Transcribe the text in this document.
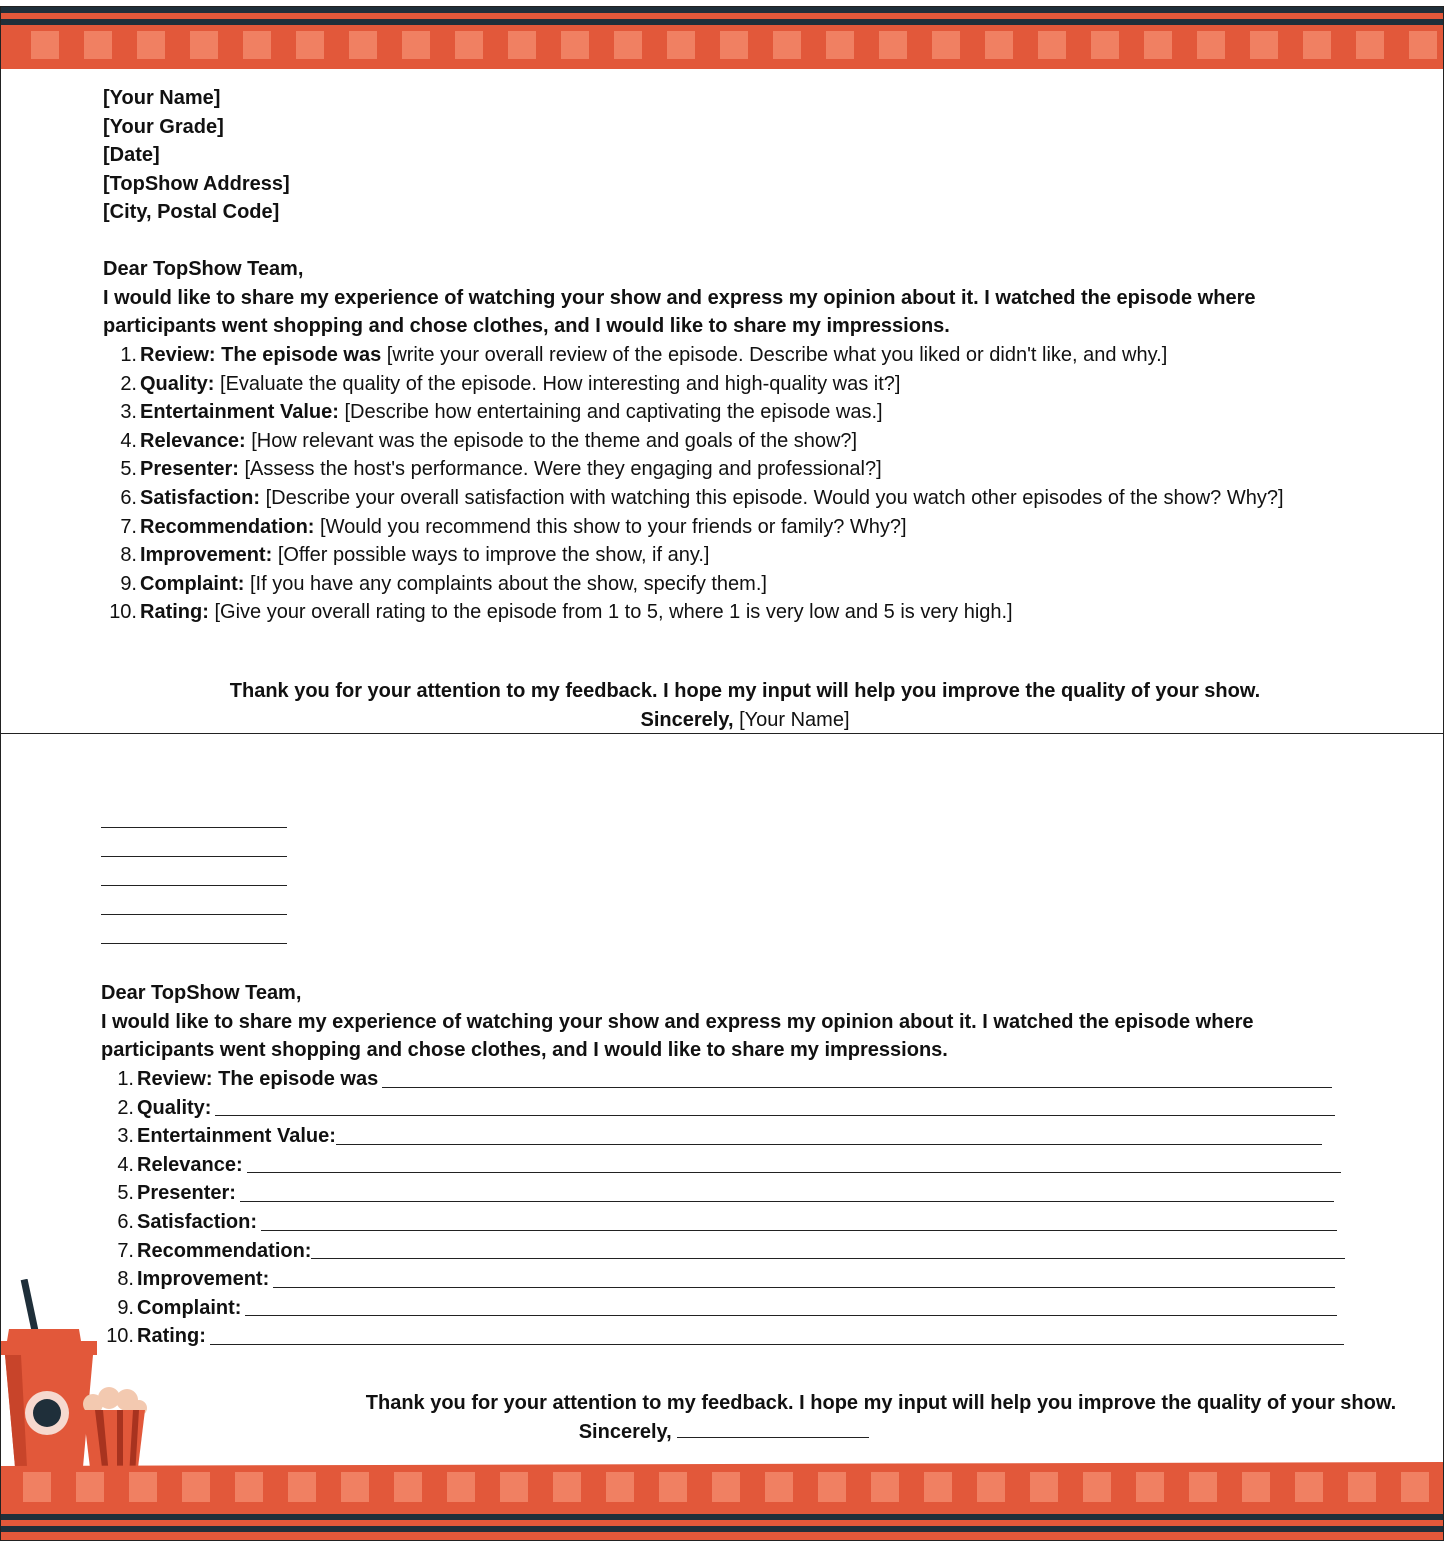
[Your Name]
[Your Grade]
[Date]
[TopShow Address]
[City, Postal Code]
Dear TopShow Team,
I would like to share my experience of watching your show and express my opinion about it. I watched the episode where
participants went shopping and chose clothes, and I would like to share my impressions.
1. Review: The episode was
[write your overall review of the episode. Describe what you liked or didn't like, and why.]
2. Quality:
[Evaluate the quality of the episode. How interesting and high-quality was it?]
3. Entertainment Value:
[Describe how entertaining and captivating the episode was.]
4. Relevance:
[How relevant was the episode to the theme and goals of the show?]
5. Presenter:
[Assess the host's performance. Were they engaging and professional?]
6. Satisfaction:
[Describe your overall satisfaction with watching this episode. Would you watch other episodes of the show? Why?]
7. Recommendation:
[Would you recommend this show to your friends or family? Why?]
8. Improvement:
[Offer possible ways to improve the show, if any.]
9. Complaint:
[If you have any complaints about the show, specify them.]
10. Rating:
[Give your overall rating to the episode from 1 to 5, where 1 is very low and 5 is very high.]
Thank you for your attention to my feedback. I hope my input will help you improve the quality of your show.
Sincerely, [Your Name]
Dear TopShow Team,
I would like to share my experience of watching your show and express my opinion about it. I watched the episode where
participants went shopping and chose clothes, and I would like to share my impressions.
1. Review: The episode was
2. Quality:
3. Entertainment Value:
4. Relevance:
5. Presenter:
6. Satisfaction:
7. Recommendation:
8. Improvement:
9. Complaint:
10. Rating:
Thank you for your attention to my feedback. I hope my input will help you improve the quality of your show.
Sincerely,
